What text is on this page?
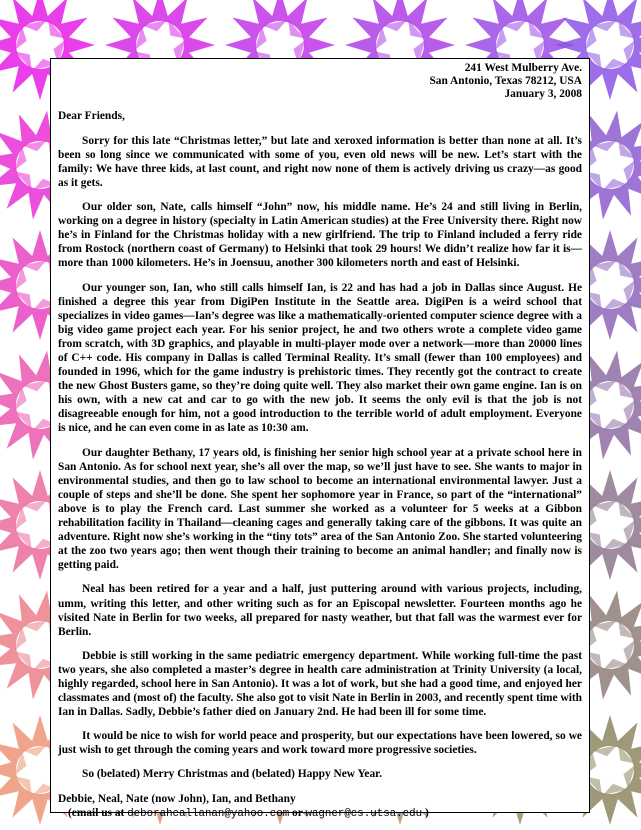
241 West Mulberry Ave.
San Antonio, Texas 78212, USA
January 3, 2008
Dear Friends,
Sorry for this late “Christmas letter,” but late and xeroxed information is better than none at all. It’s been so long since we communicated with some of you, even old news will be new. Let’s start with the family: We have three kids, at last count, and right now none of them is actively driving us crazy—as good as it gets.
Our older son, Nate, calls himself “John” now, his middle name. He’s 24 and still living in Berlin, working on a degree in history (specialty in Latin American studies) at the Free University there. Right now he’s in Finland for the Christmas holiday with a new girlfriend. The trip to Finland included a ferry ride from Rostock (northern coast of Germany) to Helsinki that took 29 hours! We didn’t realize how far it is—more than 1000 kilometers. He’s in Joensuu, another 300 kilometers north and east of Helsinki.
Our younger son, Ian, who still calls himself Ian, is 22 and has had a job in Dallas since August. He finished a degree this year from DigiPen Institute in the Seattle area. DigiPen is a weird school that specializes in video games—Ian’s degree was like a mathematically-oriented computer science degree with a big video game project each year. For his senior project, he and two others wrote a complete video game from scratch, with 3D graphics, and playable in multi-player mode over a network—more than 20000 lines of C++ code. His company in Dallas is called Terminal Reality. It’s small (fewer than 100 employees) and founded in 1996, which for the game industry is prehistoric times. They recently got the contract to create the new Ghost Busters game, so they’re doing quite well. They also market their own game engine. Ian is on his own, with a new cat and car to go with the new job. It seems the only evil is that the job is not disagreeable enough for him, not a good introduction to the terrible world of adult employment. Everyone is nice, and he can even come in as late as 10:30 am.
Our daughter Bethany, 17 years old, is finishing her senior high school year at a private school here in San Antonio. As for school next year, she’s all over the map, so we’ll just have to see. She wants to major in environmental studies, and then go to law school to become an international environmental lawyer. Just a couple of steps and she’ll be done. She spent her sophomore year in France, so part of the “international” above is to play the French card. Last summer she worked as a volunteer for 5 weeks at a Gibbon rehabilitation facility in Thailand—cleaning cages and generally taking care of the gibbons. It was quite an adventure. Right now she’s working in the “tiny tots” area of the San Antonio Zoo. She started volunteering at the zoo two years ago; then went though their training to become an animal handler; and finally now is getting paid.
Neal has been retired for a year and a half, just puttering around with various projects, including, umm, writing this letter, and other writing such as for an Episcopal newsletter. Fourteen months ago he visited Nate in Berlin for two weeks, all prepared for nasty weather, but that fall was the warmest ever for Berlin.
Debbie is still working in the same pediatric emergency department. While working full-time the past two years, she also completed a master’s degree in health care administration at Trinity University (a local, highly regarded, school here in San Antonio). It was a lot of work, but she had a good time, and enjoyed her classmates and (most of) the faculty. She also got to visit Nate in Berlin in 2003, and recently spent time with Ian in Dallas. Sadly, Debbie’s father died on January 2nd. He had been ill for some time.
It would be nice to wish for world peace and prosperity, but our expectations have been lowered, so we just wish to get through the coming years and work toward more progressive societies.
So (belated) Merry Christmas and (belated) Happy New Year.
Debbie, Neal, Nate (now John), Ian, and Bethany
(email us at deborahcallanan@yahoo.com or wagner@cs.utsa.edu )
